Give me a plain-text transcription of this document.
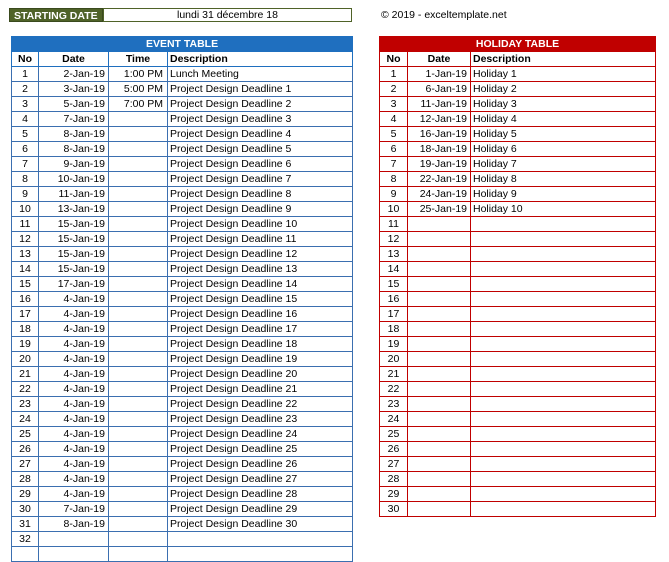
STARTING DATE	lundi 31 décembre 18	© 2019 - exceltemplate.net
EVENT TABLE			
No	Date	Time	Description
1	2-Jan-19	1:00 PM	Lunch Meeting
2	3-Jan-19	5:00 PM	Project Design Deadline 1
3	5-Jan-19	7:00 PM	Project Design Deadline 2
4	7-Jan-19		Project Design Deadline 3
5	8-Jan-19		Project Design Deadline 4
6	8-Jan-19		Project Design Deadline 5
7	9-Jan-19		Project Design Deadline 6
8	10-Jan-19		Project Design Deadline 7
9	11-Jan-19		Project Design Deadline 8
10	13-Jan-19		Project Design Deadline 9
11	15-Jan-19		Project Design Deadline 10
12	15-Jan-19		Project Design Deadline 11
13	15-Jan-19		Project Design Deadline 12
14	15-Jan-19		Project Design Deadline 13
15	17-Jan-19		Project Design Deadline 14
16	4-Jan-19		Project Design Deadline 15
17	4-Jan-19		Project Design Deadline 16
18	4-Jan-19		Project Design Deadline 17
19	4-Jan-19		Project Design Deadline 18
20	4-Jan-19		Project Design Deadline 19
21	4-Jan-19		Project Design Deadline 20
22	4-Jan-19		Project Design Deadline 21
23	4-Jan-19		Project Design Deadline 22
24	4-Jan-19		Project Design Deadline 23
25	4-Jan-19		Project Design Deadline 24
26	4-Jan-19		Project Design Deadline 25
27	4-Jan-19		Project Design Deadline 26
28	4-Jan-19		Project Design Deadline 27
29	4-Jan-19		Project Design Deadline 28
30	7-Jan-19		Project Design Deadline 29
31	8-Jan-19		Project Design Deadline 30
32			

HOLIDAY TABLE		
No	Date	Description
1	1-Jan-19	Holiday 1
2	6-Jan-19	Holiday 2
3	11-Jan-19	Holiday 3
4	12-Jan-19	Holiday 4
5	16-Jan-19	Holiday 5
6	18-Jan-19	Holiday 6
7	19-Jan-19	Holiday 7
8	22-Jan-19	Holiday 8
9	24-Jan-19	Holiday 9
10	25-Jan-19	Holiday 10
11		
12		
13		
14		
15		
16		
17		
18		
19		
20		
21		
22		
23		
24		
25		
26		
27		
28		
29		
30		
